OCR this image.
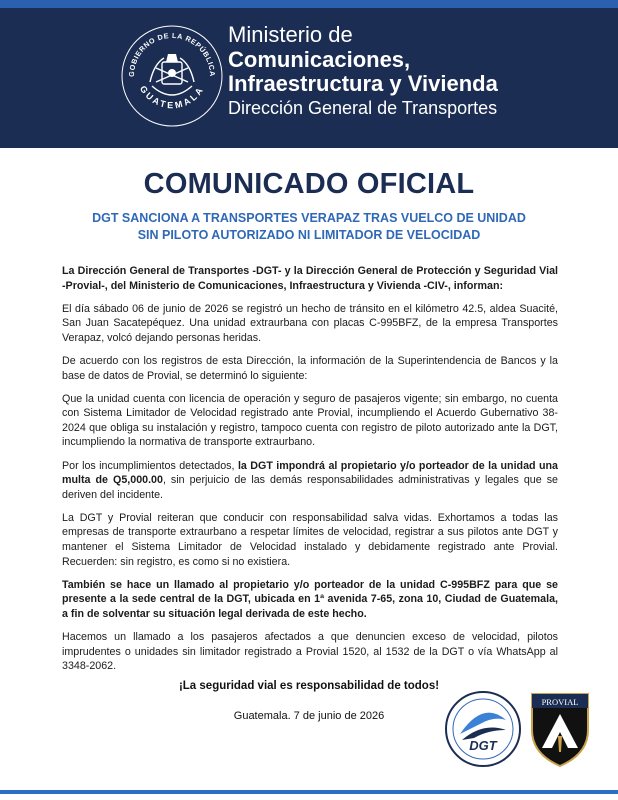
GOBIERNO DE LA REPÚBLICA
GUATEMALA
Ministerio de
Comunicaciones,
Infraestructura y Vivienda
Dirección General de Transportes
COMUNICADO OFICIAL
DGT SANCIONA A TRANSPORTES VERAPAZ TRAS VUELCO DE UNIDAD
SIN PILOTO AUTORIZADO NI LIMITADOR DE VELOCIDAD

La Dirección General de Transportes -DGT- y la Dirección General de Protección y Seguridad Vial -Provial-, del Ministerio de Comunicaciones, Infraestructura y Vivienda -CIV-, informan:

El día sábado 06 de junio de 2026 se registró un hecho de tránsito en el kilómetro 42.5, aldea Suacité, San Juan Sacatepéquez. Una unidad extraurbana con placas C-995BFZ, de la empresa Transportes Verapaz, volcó dejando personas heridas.

De acuerdo con los registros de esta Dirección, la información de la Superintendencia de Bancos y la base de datos de Provial, se determinó lo siguiente:

Que la unidad cuenta con licencia de operación y seguro de pasajeros vigente; sin embargo, no cuenta con Sistema Limitador de Velocidad registrado ante Provial, incumpliendo el Acuerdo Gubernativo 38-2024 que obliga su instalación y registro, tampoco cuenta con registro de piloto autorizado ante la DGT, incumpliendo la normativa de transporte extraurbano.

Por los incumplimientos detectados, la DGT impondrá al propietario y/o porteador de la unidad una multa de Q5,000.00, sin perjuicio de las demás responsabilidades administrativas y legales que se deriven del incidente.

La DGT y Provial reiteran que conducir con responsabilidad salva vidas. Exhortamos a todas las empresas de transporte extraurbano a respetar límites de velocidad, registrar a sus pilotos ante DGT y mantener el Sistema Limitador de Velocidad instalado y debidamente registrado ante Provial. Recuerden: sin registro, es como si no existiera.

También se hace un llamado al propietario y/o porteador de la unidad C-995BFZ para que se presente a la sede central de la DGT, ubicada en 1ª avenida 7-65, zona 10, Ciudad de Guatemala, a fin de solventar su situación legal derivada de este hecho.

Hacemos un llamado a los pasajeros afectados a que denuncien exceso de velocidad, pilotos imprudentes o unidades sin limitador registrado a Provial 1520, al 1532 de la DGT o vía WhatsApp al 3348-2062.

¡La seguridad vial es responsabilidad de todos!
Guatemala. 7 de junio de 2026
DGT
PROVIAL
